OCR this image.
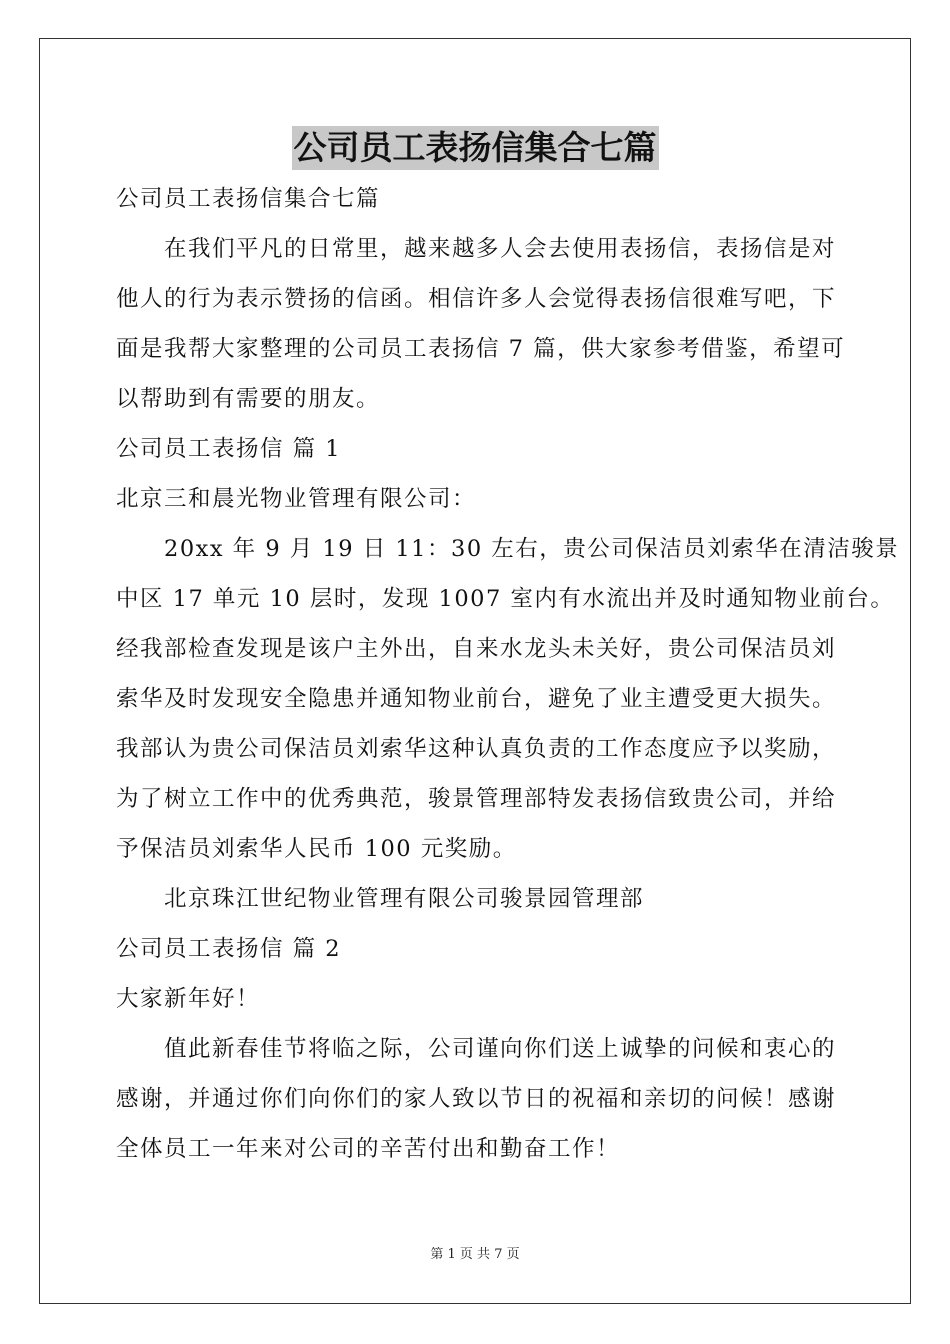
公司员工表扬信集合七篇
公司员工表扬信集合七篇
在我们平凡的日常里，越来越多人会去使用表扬信，表扬信是对
他人的行为表示赞扬的信函。相信许多人会觉得表扬信很难写吧，下
面是我帮大家整理的公司员工表扬信 7 篇，供大家参考借鉴，希望可
以帮助到有需要的朋友。
公司员工表扬信 篇 1
北京三和晨光物业管理有限公司：
20xx 年 9 月 19 日 11：30 左右，贵公司保洁员刘索华在清洁骏景
中区 17 单元 10 层时，发现 1007 室内有水流出并及时通知物业前台。
经我部检查发现是该户主外出，自来水龙头未关好，贵公司保洁员刘
索华及时发现安全隐患并通知物业前台，避免了业主遭受更大损失。
我部认为贵公司保洁员刘索华这种认真负责的工作态度应予以奖励，
为了树立工作中的优秀典范，骏景管理部特发表扬信致贵公司，并给
予保洁员刘索华人民币 100 元奖励。
北京珠江世纪物业管理有限公司骏景园管理部
公司员工表扬信 篇 2
大家新年好！
值此新春佳节将临之际，公司谨向你们送上诚挚的问候和衷心的
感谢，并通过你们向你们的家人致以节日的祝福和亲切的问候！感谢
全体员工一年来对公司的辛苦付出和勤奋工作！
第 1 页 共 7 页
